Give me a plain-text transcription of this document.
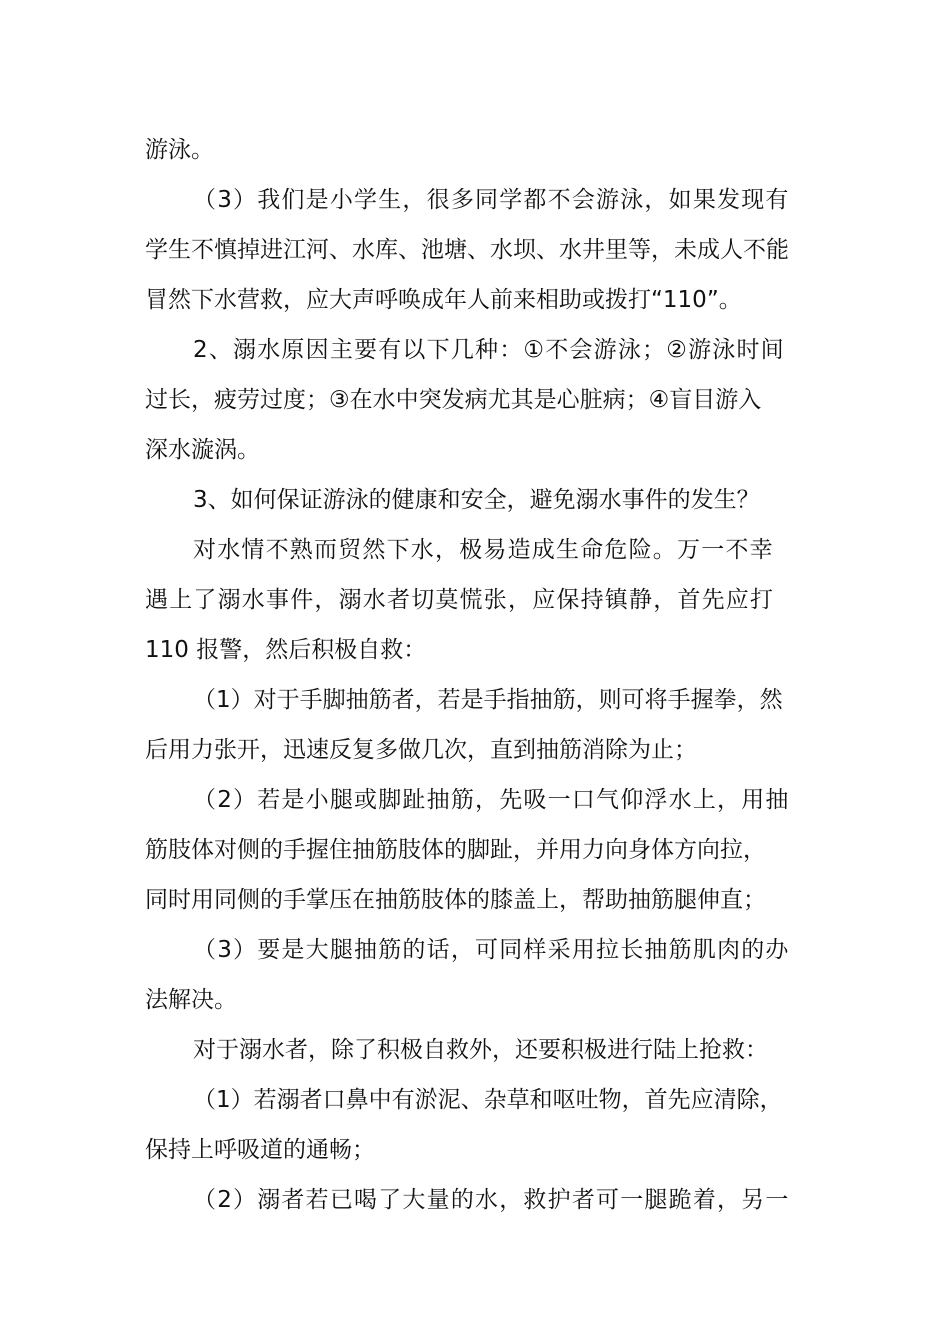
游泳。
（3）我们是小学生，很多同学都不会游泳，如果发现有
学生不慎掉进江河、水库、池塘、水坝、水井里等，未成人不能
冒然下水营救，应大声呼唤成年人前来相助或拨打“110”。
2、溺水原因主要有以下几种：①不会游泳；②游泳时间
过长，疲劳过度；③在水中突发病尤其是心脏病；④盲目游入
深水漩涡。
3、如何保证游泳的健康和安全，避免溺水事件的发生？
对水情不熟而贸然下水，极易造成生命危险。万一不幸
遇上了溺水事件，溺水者切莫慌张，应保持镇静，首先应打
110 报警，然后积极自救：
（1）对于手脚抽筋者，若是手指抽筋，则可将手握拳，然
后用力张开，迅速反复多做几次，直到抽筋消除为止；
（2）若是小腿或脚趾抽筋，先吸一口气仰浮水上，用抽
筋肢体对侧的手握住抽筋肢体的脚趾，并用力向身体方向拉，
同时用同侧的手掌压在抽筋肢体的膝盖上，帮助抽筋腿伸直；
（3）要是大腿抽筋的话，可同样采用拉长抽筋肌肉的办
法解决。
对于溺水者，除了积极自救外，还要积极进行陆上抢救：
（1）若溺者口鼻中有淤泥、杂草和呕吐物，首先应清除，
保持上呼吸道的通畅；
（2）溺者若已喝了大量的水，救护者可一腿跪着，另一
